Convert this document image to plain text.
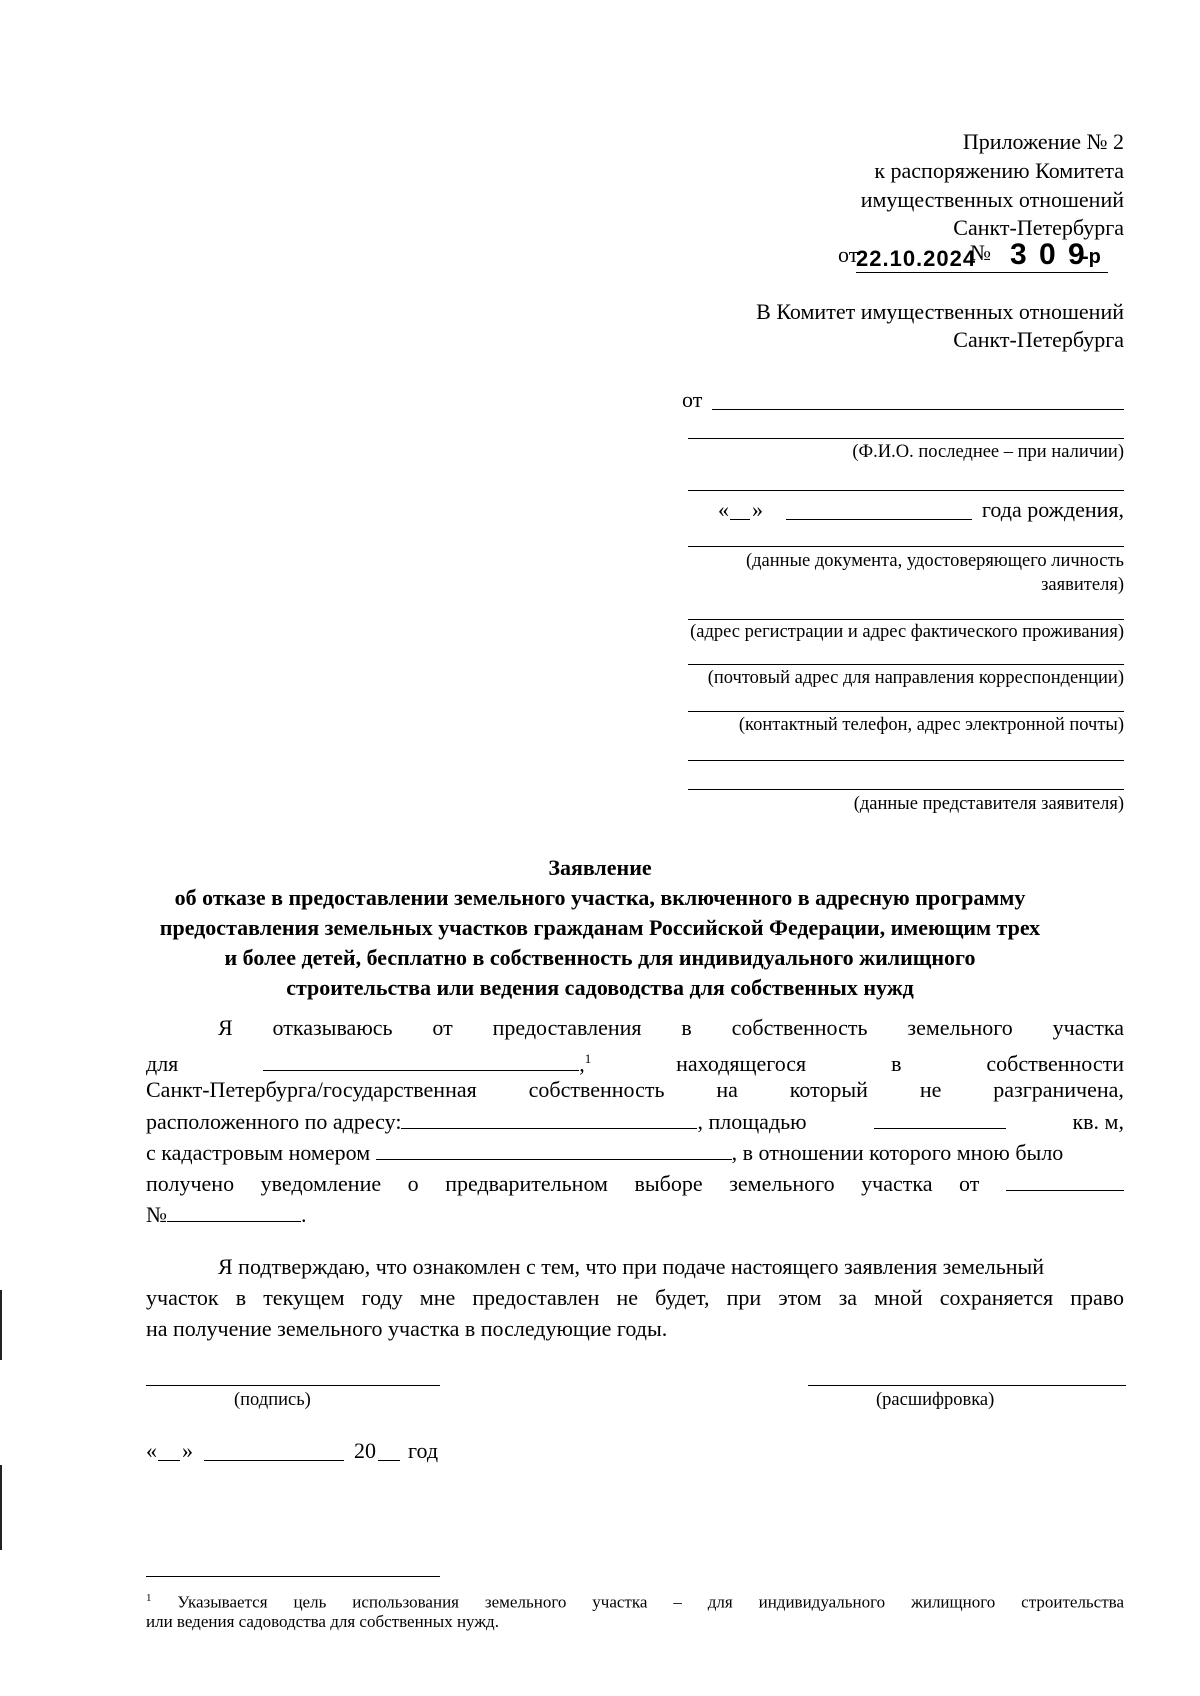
Приложение № 2
к распоряжению Комитета
имущественных отношений
Санкт-Петербурга
от
22.10.2024
№ 3 0 9
-р
В Комитет имущественных отношений
Санкт-Петербурга
от
(Ф.И.О. последнее – при наличии)
« »	года рождения,
(данные документа, удостоверяющего личность
заявителя)
(адрес регистрации и адрес фактического проживания)
(почтовый адрес для направления корреспонденции)
(контактный телефон, адрес электронной почты)
(данные представителя заявителя)
Заявление
об отказе в предоставлении земельного участка, включенного в адресную программу
предоставления земельных участков гражданам Российской Федерации, имеющим трех
и более детей, бесплатно в собственность для индивидуального жилищного
строительства или ведения садоводства для собственных нужд
Я отказываюсь от предоставления в собственность земельного участка
для	,$^1$	находящегося	в	собственности
Санкт-Петербурга/государственная собственность на который не разграничена,
расположенного по адресу:	, площадью	кв. м,
с кадастровым номером	, в отношении которого мною было
получено уведомление о предварительном выборе земельного участка от
№	.
Я подтверждаю, что ознакомлен с тем, что при подаче настоящего заявления земельный
участок в текущем году мне предоставлен не будет, при этом за мной сохраняется право
на получение земельного участка в последующие годы.
(подпись)	(расшифровка)
« »	20 год
$^1$ Указывается цель использования земельного участка – для индивидуального жилищного строительства
или ведения садоводства для собственных нужд.
